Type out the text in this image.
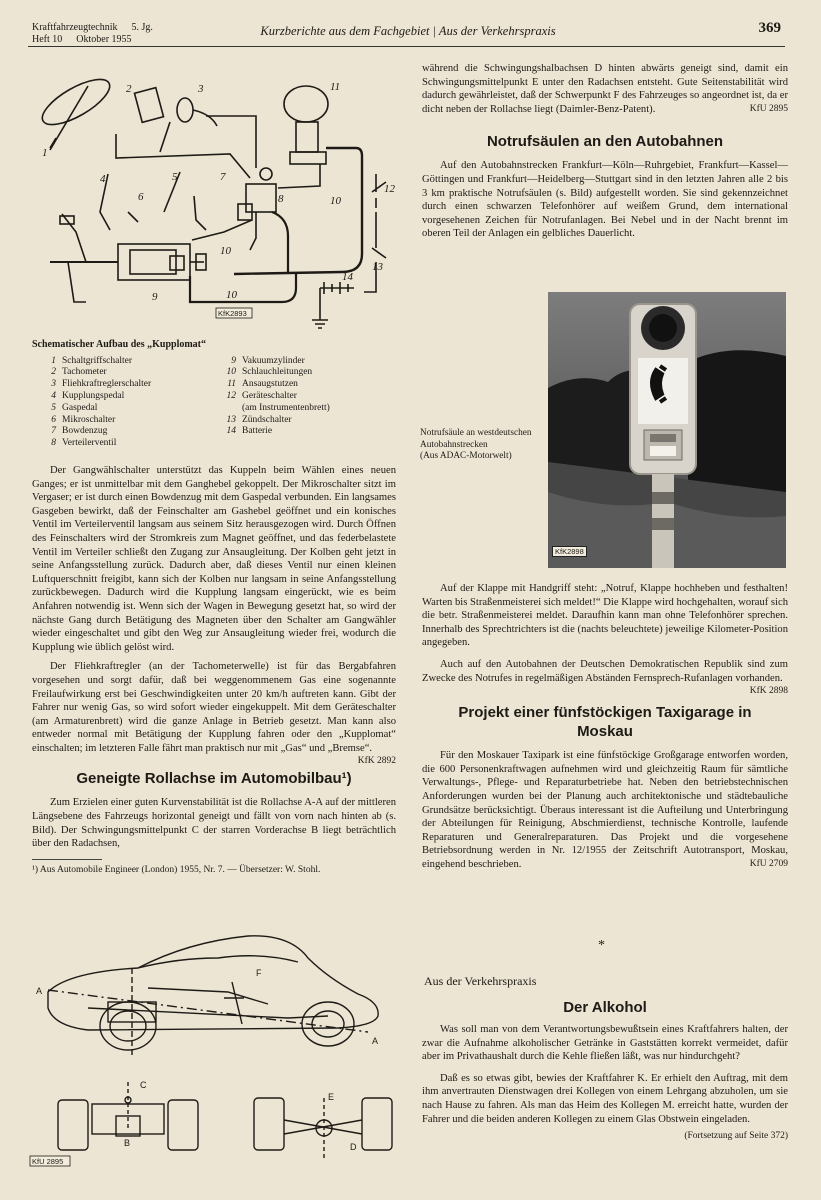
Kraftfahrzeugtechnik 5. Jg.
Heft 10 Oktober 1955
Kurzberichte aus dem Fachgebiet | Aus der Verkehrspraxis	369
1
2	3
4	5
6
7
8
9
10
10
10
11
12
13
14
KfK2893
Schematischer Aufbau des „Kupplomat“
1 Schaltgriffschalter	9 Vakuumzylinder
2 Tachometer	10 Schlauchleitungen
3 Fliehkraftreglerschalter	11 Ansaugstutzen
4 Kupplungspedal	12 Geräteschalter
5 Gaspedal	(am Instrumentenbrett)
6 Mikroschalter	13 Zündschalter
7 Bowdenzug	14 Batterie
8 Verteilerventil

Der Gangwählschalter unterstützt das Kuppeln beim Wählen eines neuen Ganges; er ist unmittelbar mit dem Ganghebel gekoppelt. Der Mikroschalter sitzt im Vergaser; er ist durch einen Bowdenzug mit dem Gaspedal verbunden. Ein langsames Gasgeben bewirkt, daß der Feinschalter am Gashebel geöffnet und ein konisches Ventil im Verteilerventil langsam aus seinem Sitz herausgezogen wird. Durch Öffnen des Feinschalters wird der Stromkreis zum Magnet geöffnet, und das federbelastete Ventil im Verteiler schließt den Zugang zur Ansaugleitung. Der Kolben geht jetzt in seine Anfangsstellung zurück. Dadurch aber, daß dieses Ventil nur einen kleinen Luftquerschnitt freigibt, kann sich der Kolben nur langsam in seine Anfangsstellung zurückbewegen. Dadurch wird die Kupplung langsam eingerückt, wie es beim Anfahren notwendig ist. Wenn sich der Wagen in Bewegung gesetzt hat, so wird der nächste Gang durch Betätigung des Magneten über den Schalter am Gangwähler wieder eingeschaltet und gibt den Weg zur Ansaugleitung wieder frei, wodurch die Kupplung wie üblich gelöst wird.

Der Fliehkraftregler (an der Tachometerwelle) ist für das Bergabfahren vorgesehen und sorgt dafür, daß bei weggenommenem Gas eine sogenannte Freilaufwirkung erst bei Geschwindigkeiten unter 20 km/h auftreten kann. Gibt der Fahrer nur wenig Gas, so wird sofort wieder eingekuppelt. Mit dem Geräteschalter (am Armaturenbrett) wird die ganze Anlage in Betrieb gesetzt. Man kann also entweder normal mit Betätigung der Kupplung fahren oder den „Kupplomat“ einschalten; im letzteren Falle fährt man praktisch nur mit „Gas“ und „Bremse“.
KfK 2892

Geneigte Rollachse im Automobilbau¹)

Zum Erzielen einer guten Kurvenstabilität ist die Rollachse A-A auf der mittleren Längsebene des Fahrzeugs horizontal geneigt und fällt von vorn nach hinten ab (s. Bild). Der Schwingungsmittelpunkt C der starren Vorderachse B liegt beträchtlich über den Radachsen,

¹) Aus Automobile Engineer (London) 1955, Nr. 7. — Übersetzer: W. Stohl.
A
A
F
C
B
E
D
KfU 2895

während die Schwingungshalbachsen D hinten abwärts geneigt sind, damit ein Schwingungsmittelpunkt E unter den Radachsen entsteht. Gute Seitenstabilität wird dadurch gewährleistet, daß der Schwerpunkt F des Fahrzeuges so angeordnet ist, da er dicht neben der Rollachse liegt (Daimler-Benz-Patent).	KfU 2895

Notrufsäulen an den Autobahnen

Auf den Autobahnstrecken Frankfurt—Köln—Ruhrgebiet, Frankfurt—Kassel—Göttingen und Frankfurt—Heidelberg—Stuttgart sind in den letzten Jahren alle 2 bis 3 km praktische Notrufsäulen (s. Bild) aufgestellt worden. Sie sind gekennzeichnet durch einen schwarzen Telefonhörer auf weißem Grund, dem international vorgesehenen Zeichen für Notrufanlagen. Bei Nebel und in der Nacht brennt im oberen Teil der Anlagen ein gelbliches Dauerlicht.

KfK2898
Notrufsäule an westdeutschen Autobahnstrecken
(Aus ADAC-Motorwelt)

Auf der Klappe mit Handgriff steht: „Notruf, Klappe hochheben und festhalten! Warten bis Straßenmeisterei sich meldet!“ Die Klappe wird hochgehalten, worauf sich die betr. Straßenmeisterei meldet. Daraufhin kann man ohne Telefonhörer sprechen. Innerhalb des Sprechtrichters ist die (nachts beleuchtete) jeweilige Kilometer-Position angegeben.

Auch auf den Autobahnen der Deutschen Demokratischen Republik sind zum Zwecke des Notrufes in regelmäßigen Abständen Fernsprech-Rufanlagen vorhanden.
KfK 2898

Projekt einer fünfstöckigen Taxigarage in Moskau

Für den Moskauer Taxipark ist eine fünfstöckige Großgarage entworfen worden, die 600 Personenkraftwagen aufnehmen wird und gleichzeitig Raum für sämtliche Verwaltungs-, Pflege- und Reparaturbetriebe hat. Neben den betriebstechnischen Anforderungen wurden bei der Planung auch architektonische und städtebauliche Grundsätze berücksichtigt. Überaus interessant ist die Aufteilung und Unterbringung der Abteilungen für Reinigung, Abschmierdienst, technische Kontrolle, laufende Reparaturen und Generalreparaturen. Das Projekt und die vorgesehene Betriebsordnung werden in Nr. 12/1955 der Zeitschrift Autotransport, Moskau, eingehend beschrieben.	KfU 2709

*
Aus der Verkehrspraxis
Der Alkohol

Was soll man von dem Verantwortungsbewußtsein eines Kraftfahrers halten, der zwar die Aufnahme alkoholischer Getränke in Gaststätten korrekt vermeidet, dafür aber im Privathaushalt durch die Kehle fließen läßt, was nur hindurchgeht?

Daß es so etwas gibt, bewies der Kraftfahrer K. Er erhielt den Auftrag, mit dem ihm anvertrauten Dienstwagen drei Kollegen von einem Lehrgang abzuholen, um sie nach Hause zu fahren. Als man das Heim des Kollegen M. erreicht hatte, wurden der Fahrer und die beiden anderen Kollegen zu einem Glas Obstwein eingeladen.

(Fortsetzung auf Seite 372)
